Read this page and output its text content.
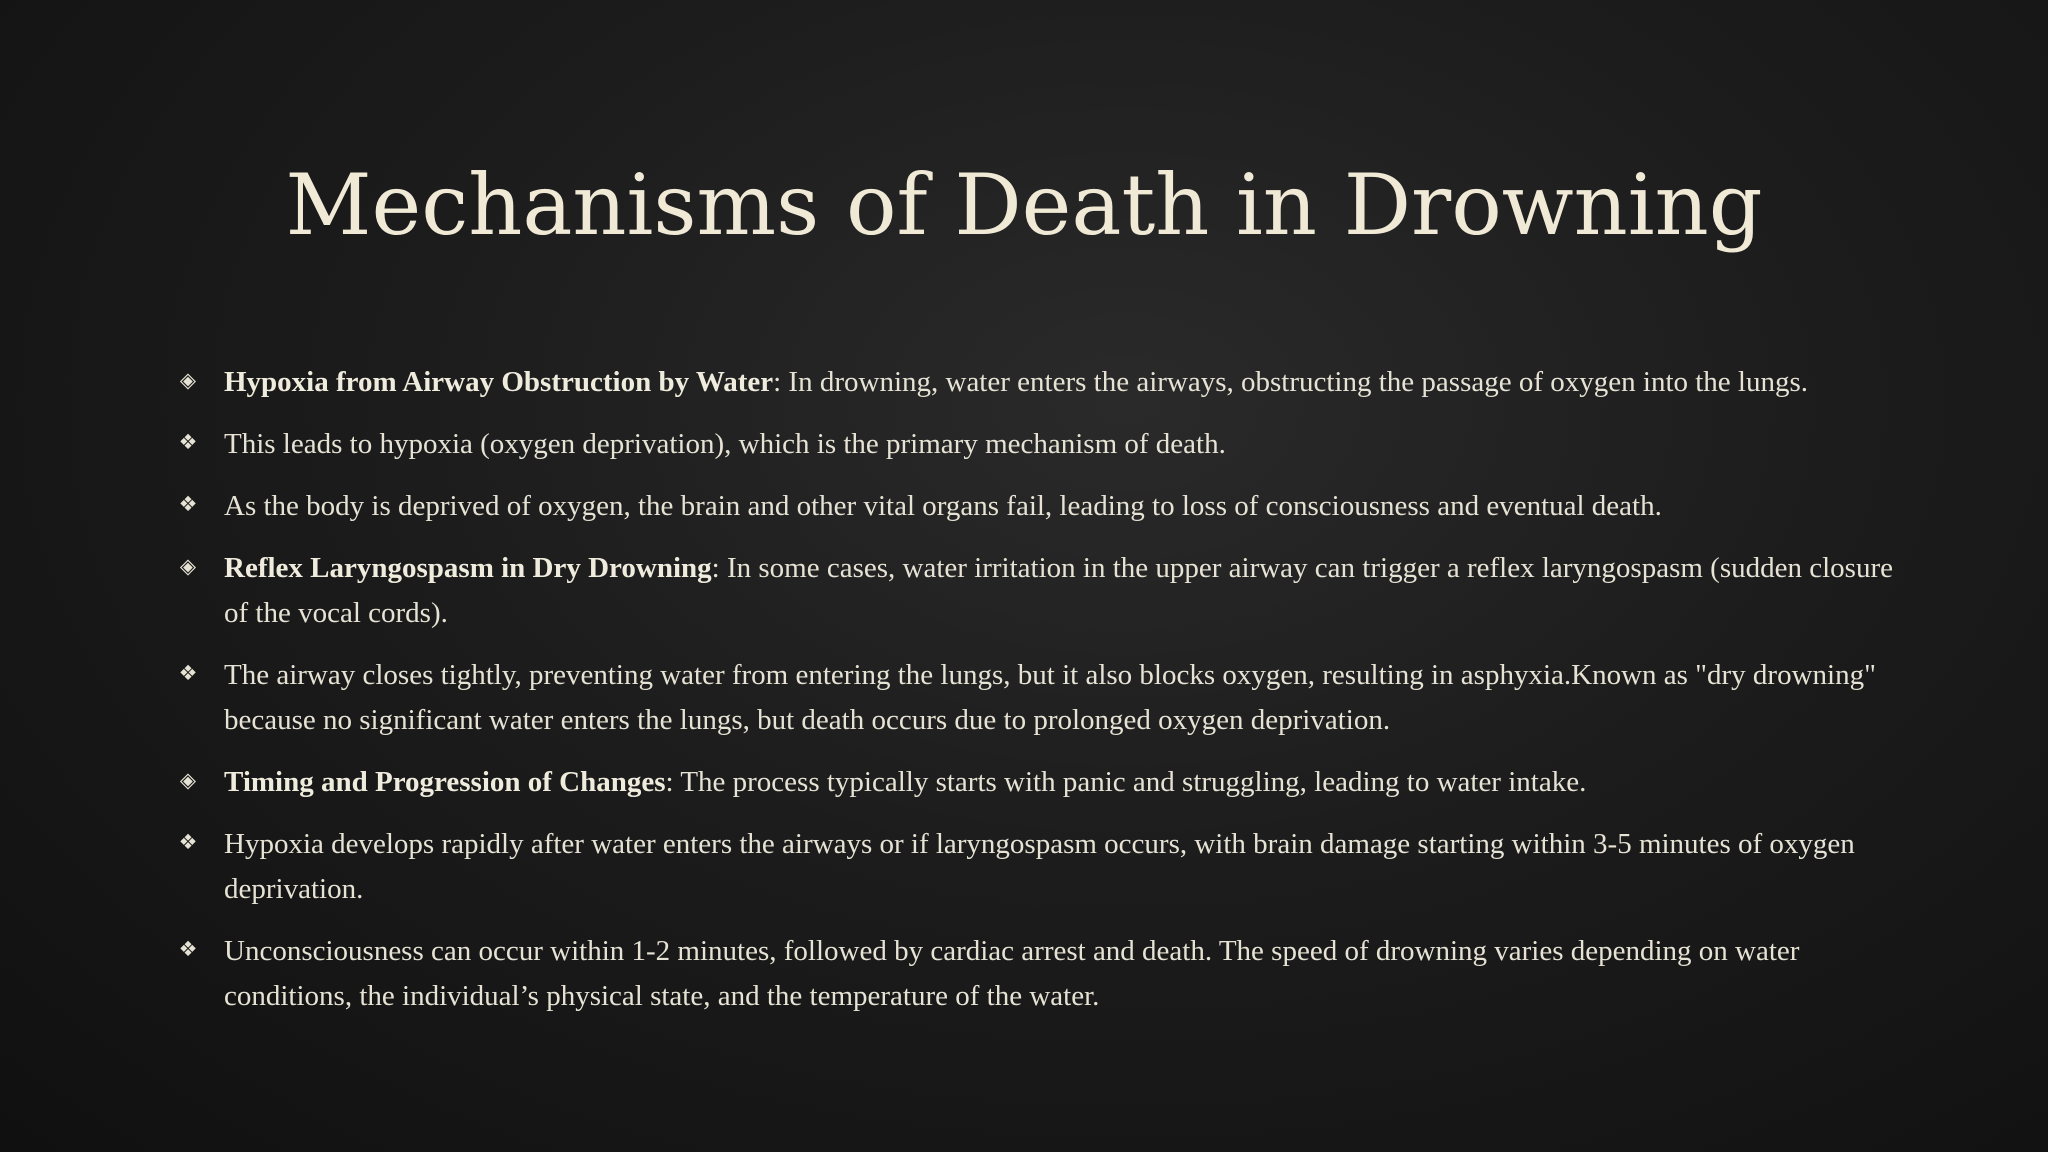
Mechanisms of Death in Drowning
◈ Hypoxia from Airway Obstruction by Water: In drowning, water enters the airways, obstructing the passage of oxygen into the lungs.
❖ This leads to hypoxia (oxygen deprivation), which is the primary mechanism of death.
❖ As the body is deprived of oxygen, the brain and other vital organs fail, leading to loss of consciousness and eventual death.
◈ Reflex Laryngospasm in Dry Drowning: In some cases, water irritation in the upper airway can trigger a reflex laryngospasm (sudden closure of the vocal cords).
❖ The airway closes tightly, preventing water from entering the lungs, but it also blocks oxygen, resulting in asphyxia.Known as "dry drowning" because no significant water enters the lungs, but death occurs due to prolonged oxygen deprivation.
◈ Timing and Progression of Changes: The process typically starts with panic and struggling, leading to water intake.
❖ Hypoxia develops rapidly after water enters the airways or if laryngospasm occurs, with brain damage starting within 3-5 minutes of oxygen deprivation.
❖ Unconsciousness can occur within 1-2 minutes, followed by cardiac arrest and death. The speed of drowning varies depending on water conditions, the individual’s physical state, and the temperature of the water.
